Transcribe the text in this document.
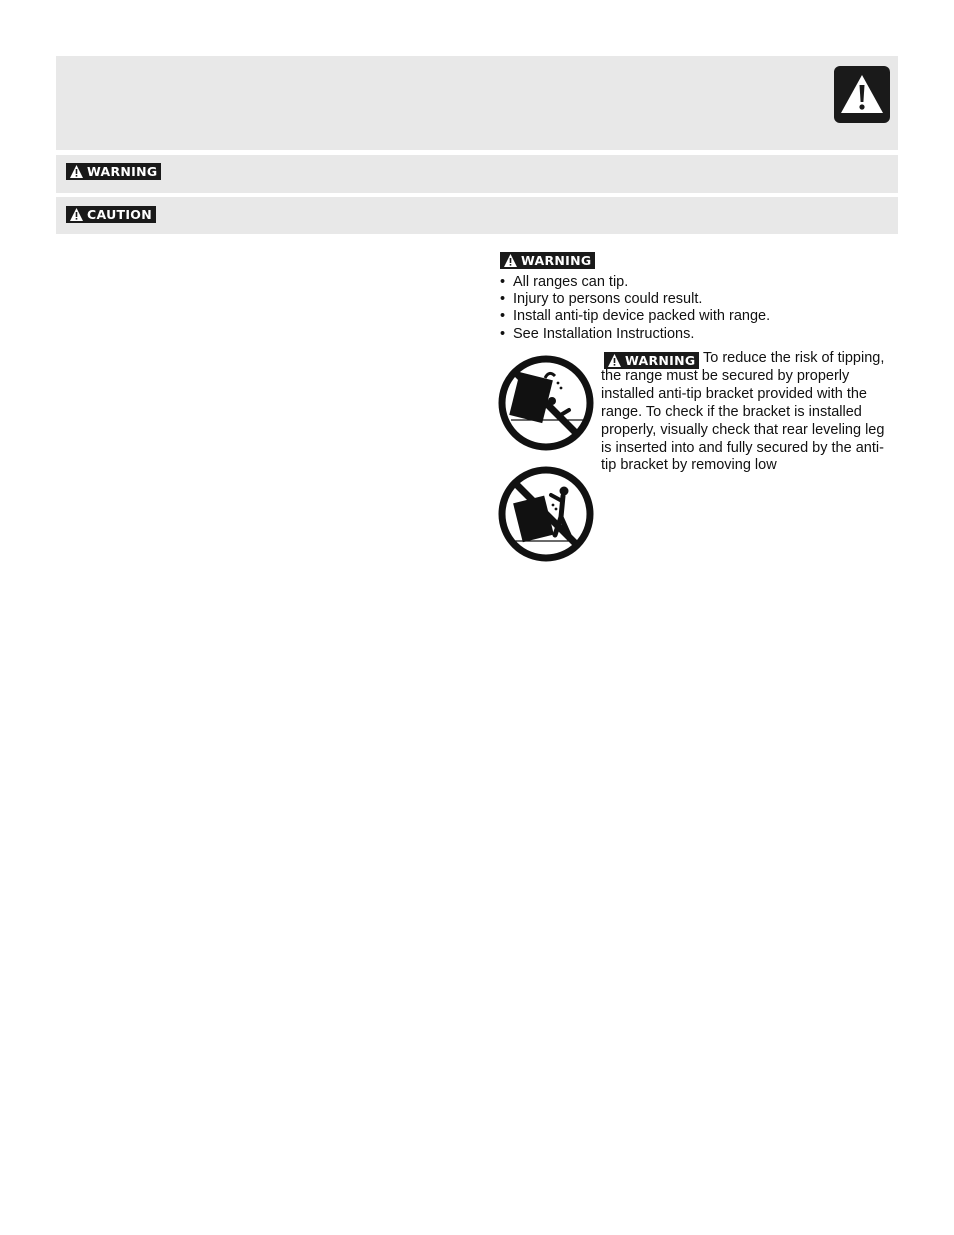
WARNING
CAUTION
WARNING
• All ranges can tip.
• Injury to persons could result.
• Install anti-tip device packed with range.
• See Installation Instructions.
WARNING To reduce the risk of tipping, the range must be secured by properly installed anti-tip bracket provided with the range. To check if the bracket is installed properly, visually check that rear leveling leg is inserted into and fully secured by the anti-tip bracket by removing low
